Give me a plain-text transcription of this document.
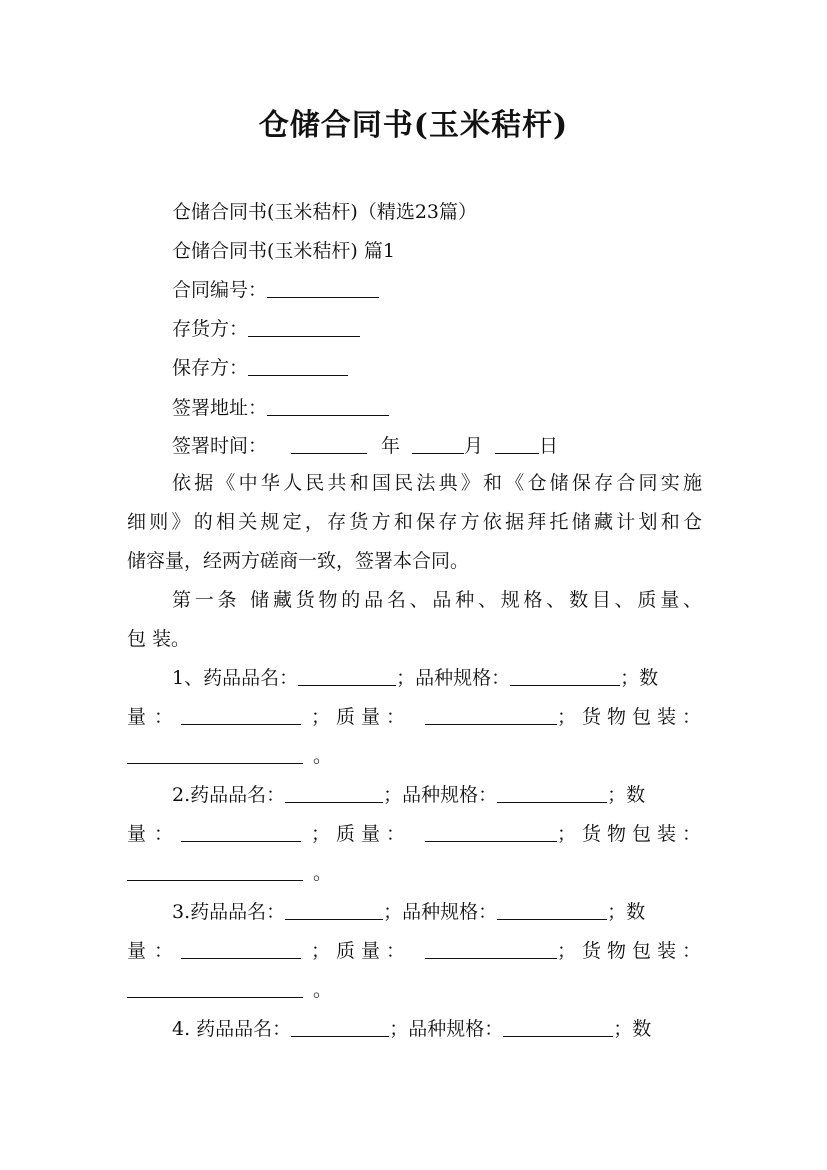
仓储合同书(玉米秸杆)
仓储合同书(玉米秸杆)（精选23篇）
仓储合同书(玉米秸杆) 篇1
合同编号：
存货方：
保存方：
签署地址：
签署时间：	年	月	日
依据《中华人民共和国民法典》和《仓储保存合同实施
细则》的相关规定，存货方和保存方依据拜托储藏计划和仓
储容量，经两方磋商一致，签署本合同。
第一条 储藏货物的品名、品种、规格、数目、质量、
包 装。
1、药品品名：	；品种规格：	；数
量：	；质量：	；货物包装：
。
2.药品品名：	；品种规格：	；数
量：	；质量：	；货物包装：
。
3.药品品名：	；品种规格：	；数
量：	；质量：	；货物包装：
。
4. 药品品名：	；品种规格：	；数
